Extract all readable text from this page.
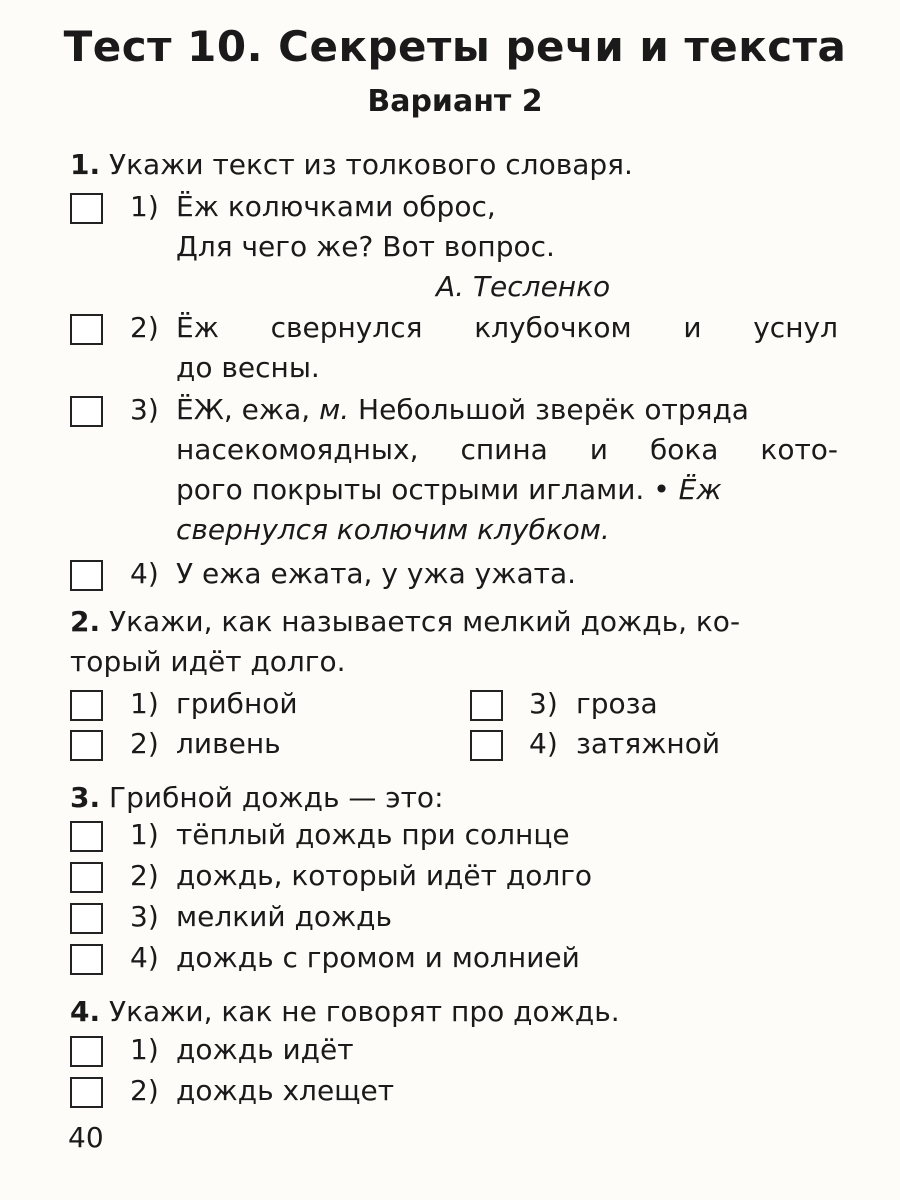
Тест 10. Секреты речи и текста
Вариант 2
1. Укажи текст из толкового словаря.
1) Ёж колючками оброс,
Для чего же? Вот вопрос.
А. Тесленко
2) Ёж свернулся клубочком и уснул
до весны.
3) ЁЖ, ежа, м. Небольшой зверёк отряда
насекомоядных, спина и бока кото-
рого покрыты острыми иглами. • Ёж
свернулся колючим клубком.
4) У ежа ежата, у ужа ужата.
2. Укажи, как называется мелкий дождь, ко-
торый идёт долго.
1) грибной
2) ливень
3) гроза
4) затяжной
3. Грибной дождь — это:
1) тёплый дождь при солнце
2) дождь, который идёт долго
3) мелкий дождь
4) дождь с громом и молнией
4. Укажи, как не говорят про дождь.
1) дождь идёт
2) дождь хлещет
40
